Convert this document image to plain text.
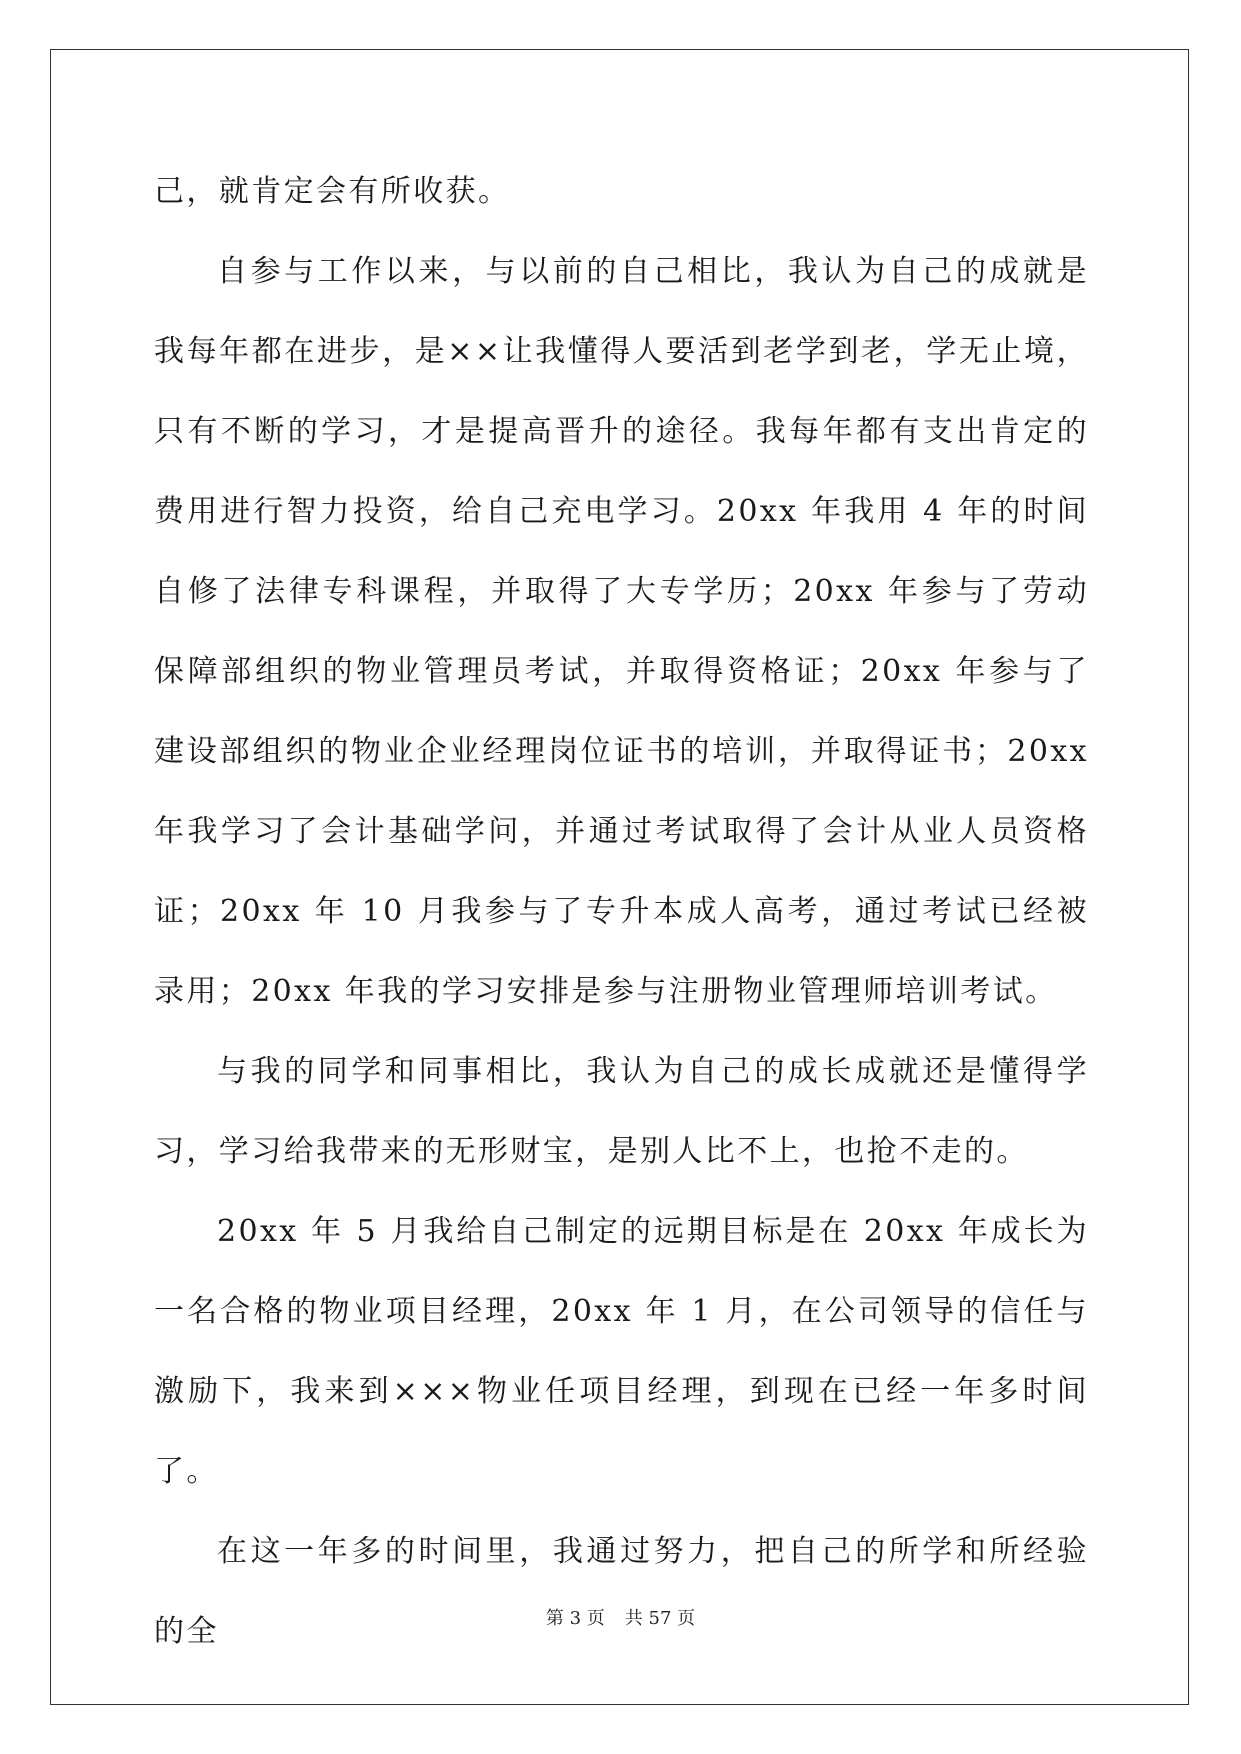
己，就肯定会有所收获。

自参与工作以来，与以前的自己相比，我认为自己的成就是我每年都在进步，是××让我懂得人要活到老学到老，学无止境，只有不断的学习，才是提高晋升的途径。我每年都有支出肯定的费用进行智力投资，给自己充电学习。20xx 年我用 4 年的时间自修了法律专科课程，并取得了大专学历；20xx 年参与了劳动保障部组织的物业管理员考试，并取得资格证；20xx 年参与了建设部组织的物业企业经理岗位证书的培训，并取得证书；20xx 年我学习了会计基础学问，并通过考试取得了会计从业人员资格证；20xx 年 10 月我参与了专升本成人高考，通过考试已经被录用；20xx 年我的学习安排是参与注册物业管理师培训考试。

与我的同学和同事相比，我认为自己的成长成就还是懂得学习，学习给我带来的无形财宝，是别人比不上，也抢不走的。

20xx 年 5 月我给自己制定的远期目标是在 20xx 年成长为一名合格的物业项目经理，20xx 年 1 月，在公司领导的信任与激励下，我来到×××物业任项目经理，到现在已经一年多时间了。

在这一年多的时间里，我通过努力，把自己的所学和所经验的全	第 3 页 共 57 页
